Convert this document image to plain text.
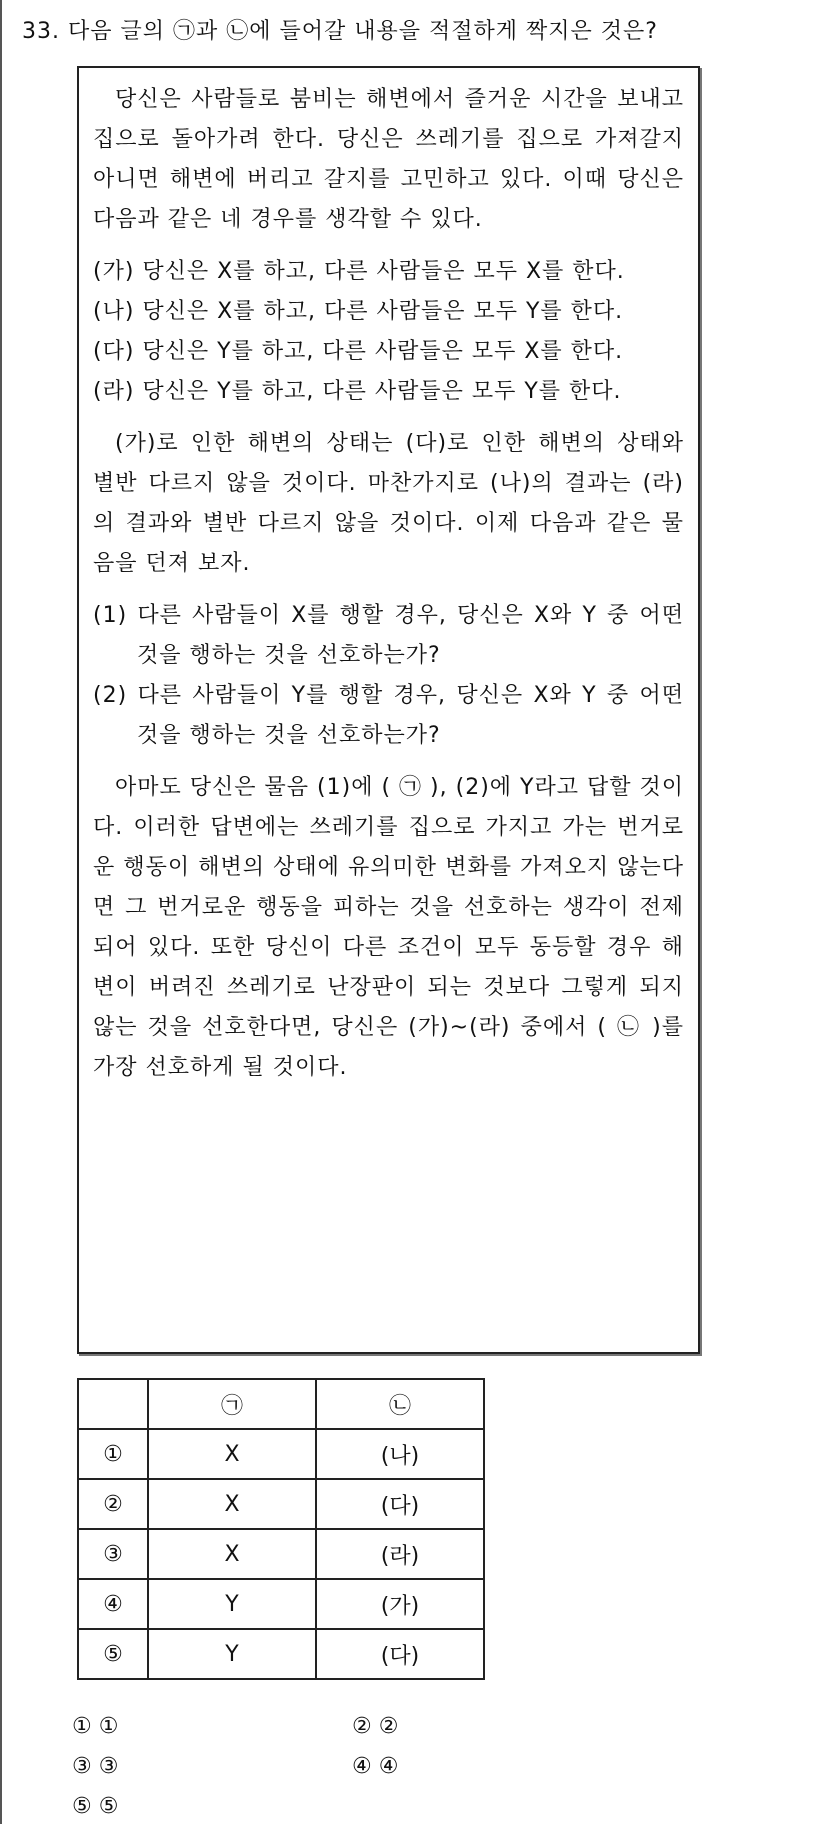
33. 다음 글의 ㉠과 ㉡에 들어갈 내용을 적절하게 짝지은 것은?

당신은 사람들로 붐비는 해변에서 즐거운 시간을 보내고 집으로 돌아가려 한다. 당신은 쓰레기를 집으로 가져갈지 아니면 해변에 버리고 갈지를 고민하고 있다. 이때 당신은 다음과 같은 네 경우를 생각할 수 있다.

(가) 당신은 X를 하고, 다른 사람들은 모두 X를 한다.

(나) 당신은 X를 하고, 다른 사람들은 모두 Y를 한다.

(다) 당신은 Y를 하고, 다른 사람들은 모두 X를 한다.

(라) 당신은 Y를 하고, 다른 사람들은 모두 Y를 한다.

(가)로 인한 해변의 상태는 (다)로 인한 해변의 상태와 별반 다르지 않을 것이다. 마찬가지로 (나)의 결과는 (라)의 결과와 별반 다르지 않을 것이다. 이제 다음과 같은 물음을 던져 보자.

(1) 다른 사람들이 X를 행할 경우, 당신은 X와 Y 중 어떤 것을 행하는 것을 선호하는가?

(2) 다른 사람들이 Y를 행할 경우, 당신은 X와 Y 중 어떤 것을 행하는 것을 선호하는가?

아마도 당신은 물음 (1)에 ( ㉠ ), (2)에 Y라고 답할 것이다. 이러한 답변에는 쓰레기를 집으로 가지고 가는 번거로운 행동이 해변의 상태에 유의미한 변화를 가져오지 않는다면 그 번거로운 행동을 피하는 것을 선호하는 생각이 전제되어 있다. 또한 당신이 다른 조건이 모두 동등할 경우 해변이 버려진 쓰레기로 난장판이 되는 것보다 그렇게 되지 않는 것을 선호한다면, 당신은 (가)~(라) 중에서 ( ㉡ )를 가장 선호하게 될 것이다.

	㉠	㉡
①	X	(나)
②	X	(다)
③	X	(라)
④	Y	(가)
⑤	Y	(다)
① ①	② ②
③ ③	④ ④
⑤ ⑤
